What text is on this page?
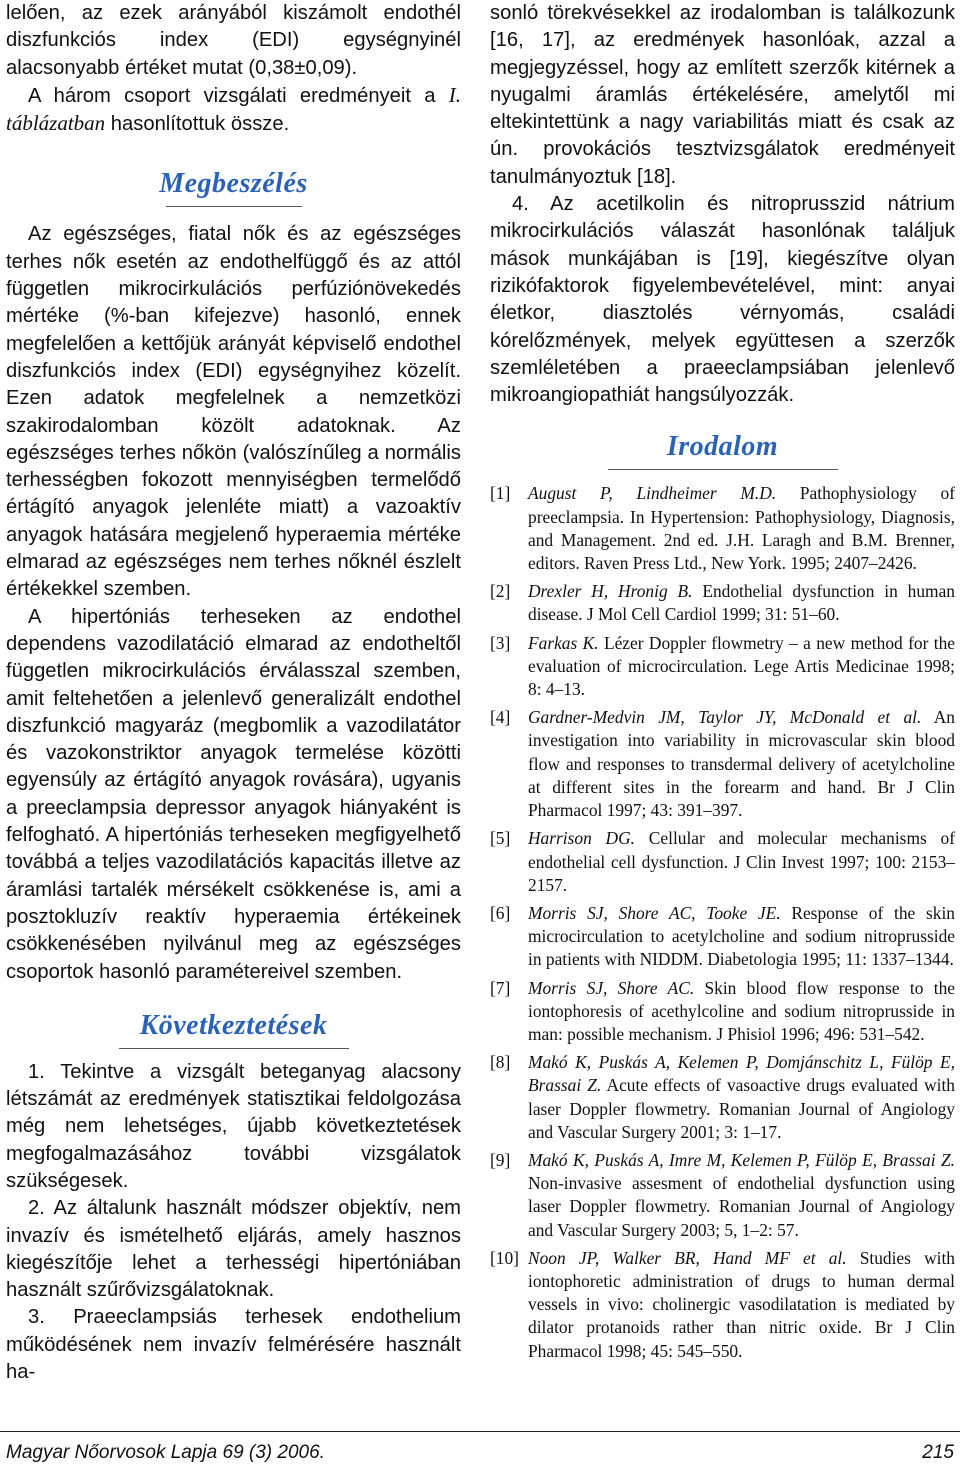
lelően, az ezek arányából kiszámolt endothél diszfunkciós index (EDI) egységnyinél alacsonyabb értéket mutat (0,38±0,09).

A három csoport vizsgálati eredményeit a I. táblázatban hasonlítottuk össze.

Megbeszélés

Az egészséges, fiatal nők és az egészséges terhes nők esetén az endothelfüggő és az attól független mikrocirkulációs perfúziónövekedés mértéke (%-ban kifejezve) hasonló, ennek megfelelően a kettőjük arányát képviselő endothel diszfunkciós index (EDI) egységnyihez közelít. Ezen adatok megfelelnek a nemzetközi szakirodalomban közölt adatoknak. Az egészséges terhes nőkön (valószínűleg a normális terhességben fokozott mennyiségben termelődő értágító anyagok jelenléte miatt) a vazoaktív anyagok hatására megjelenő hyperaemia mértéke elmarad az egészséges nem terhes nőknél észlelt értékekkel szemben.

A hipertóniás terheseken az endothel dependens vazodilatáció elmarad az endotheltől független mikrocirkulációs érválasszal szemben, amit feltehetően a jelenlevő generalizált endothel diszfunkció magyaráz (megbomlik a vazodilatátor és vazokonstriktor anyagok termelése közötti egyensúly az értágító anyagok rovására), ugyanis a preeclampsia depressor anyagok hiányaként is felfogható. A hipertóniás terheseken megfigyelhető továbbá a teljes vazodilatációs kapacitás illetve az áramlási tartalék mérsékelt csökkenése is, ami a posztokluzív reaktív hyperaemia értékeinek csökkenésében nyilvánul meg az egészséges csoportok hasonló paramétereivel szemben.

Következtetések

1. Tekintve a vizsgált beteganyag alacsony létszámát az eredmények statisztikai feldolgozása még nem lehetséges, újabb következtetések megfogalmazásához további vizsgálatok szükségesek.

2. Az általunk használt módszer objektív, nem invazív és ismételhető eljárás, amely hasznos kiegészítője lehet a terhességi hipertóniában használt szűrővizsgálatoknak.

3. Praeeclampsiás terhesek endothelium működésének nem invazív felmérésére használt ha-

sonló törekvésekkel az irodalomban is találkozunk [16, 17], az eredmények hasonlóak, azzal a megjegyzéssel, hogy az említett szerzők kitérnek a nyugalmi áramlás értékelésére, amelytől mi eltekintettünk a nagy variabilitás miatt és csak az ún. provokációs tesztvizsgálatok eredményeit tanulmányoztuk [18].

4. Az acetilkolin és nitroprusszid nátrium mikrocirkulációs válaszát hasonlónak találjuk mások munkájában is [19], kiegészítve olyan rizikófaktorok figyelembevételével, mint: anyai életkor, diasztolés vérnyomás, családi kórelőzmények, melyek együttesen a szerzők szemléletében a praeeclampsiában jelenlevő mikroangiopathiát hangsúlyozzák.

Irodalom
[1] August P, Lindheimer M.D. Pathophysiology of preeclampsia. In Hypertension: Pathophysiology, Diagnosis, and Management. 2nd ed. J.H. Laragh and B.M. Brenner, editors. Raven Press Ltd., New York. 1995; 2407–2426.
[2] Drexler H, Hronig B. Endothelial dysfunction in human disease. J Mol Cell Cardiol 1999; 31: 51–60.
[3] Farkas K. Lézer Doppler flowmetry – a new method for the evaluation of microcirculation. Lege Artis Medicinae 1998; 8: 4–13.
[4] Gardner-Medvin JM, Taylor JY, McDonald et al. An investigation into variability in microvascular skin blood flow and responses to transdermal delivery of acetylcholine at different sites in the forearm and hand. Br J Clin Pharmacol 1997; 43: 391–397.
[5] Harrison DG. Cellular and molecular mechanisms of endothelial cell dysfunction. J Clin Invest 1997; 100: 2153–2157.
[6] Morris SJ, Shore AC, Tooke JE. Response of the skin microcirculation to acetylcholine and sodium nitroprusside in patients with NIDDM. Diabetologia 1995; 11: 1337–1344.
[7] Morris SJ, Shore AC. Skin blood flow response to the iontophoresis of acethylcoline and sodium nitroprusside in man: possible mechanism. J Phisiol 1996; 496: 531–542.
[8] Makó K, Puskás A, Kelemen P, Domjánschitz L, Fülöp E, Brassai Z. Acute effects of vasoactive drugs evaluated with laser Doppler flowmetry. Romanian Journal of Angiology and Vascular Surgery 2001; 3: 1–17.
[9] Makó K, Puskás A, Imre M, Kelemen P, Fülöp E, Brassai Z. Non-invasive assesment of endothelial dysfunction using laser Doppler flowmetry. Romanian Journal of Angiology and Vascular Surgery 2003; 5, 1–2: 57.
[10] Noon JP, Walker BR, Hand MF et al. Studies with iontophoretic administration of drugs to human dermal vessels in vivo: cholinergic vasodilatation is mediated by dilator protanoids rather than nitric oxide. Br J Clin Pharmacol 1998; 45: 545–550.
Magyar Nőorvosok Lapja 69 (3) 2006.	215
